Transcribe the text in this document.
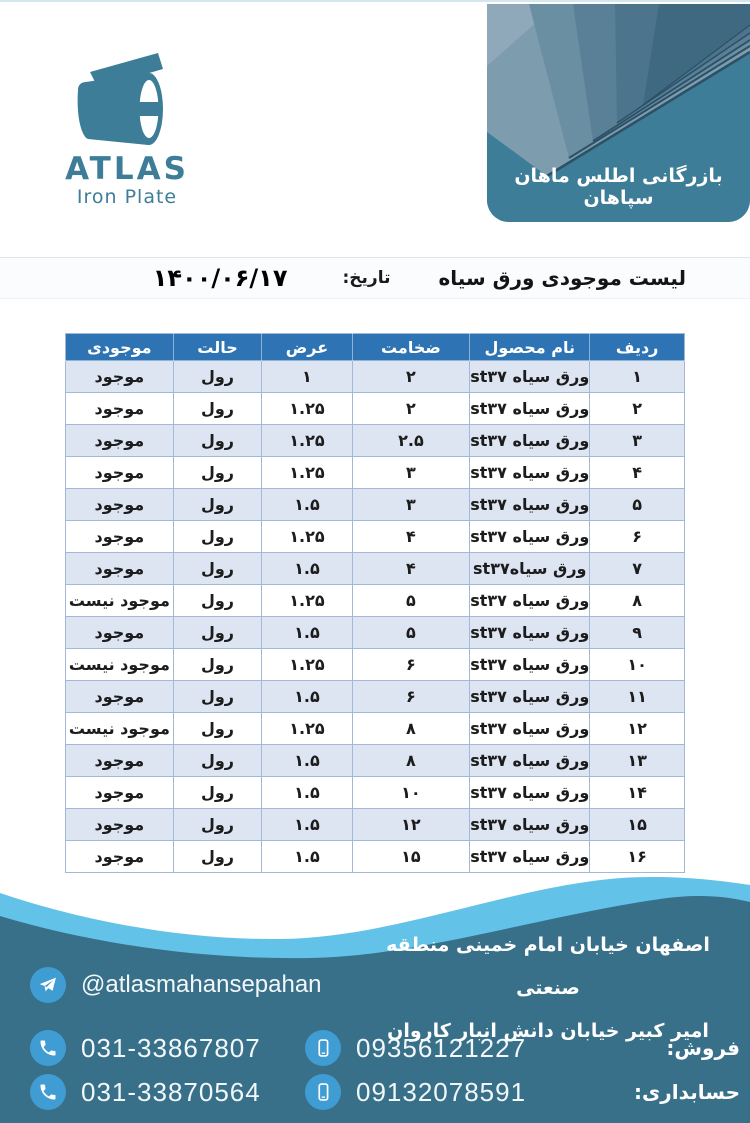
بازرگانی اطلس ماهان سپاهان
ATLAS
Iron Plate
لیست موجودی ورق سیاه
تاریخ:
۱۴۰۰/۰۶/۱۷
ردیف	نام محصول	ضخامت	عرض	حالت	موجودی
۱	ورق سیاه st۳۷	۲	۱	رول	موجود
۲	ورق سیاه st۳۷	۲	۱.۲۵	رول	موجود
۳	ورق سیاه st۳۷	۲.۵	۱.۲۵	رول	موجود
۴	ورق سیاه st۳۷	۳	۱.۲۵	رول	موجود
۵	ورق سیاه st۳۷	۳	۱.۵	رول	موجود
۶	ورق سیاه st۳۷	۴	۱.۲۵	رول	موجود
۷	ورق سیاهst۳۷	۴	۱.۵	رول	موجود
۸	ورق سیاه st۳۷	۵	۱.۲۵	رول	موجود نیست
۹	ورق سیاه st۳۷	۵	۱.۵	رول	موجود
۱۰	ورق سیاه st۳۷	۶	۱.۲۵	رول	موجود نیست
۱۱	ورق سیاه st۳۷	۶	۱.۵	رول	موجود
۱۲	ورق سیاه st۳۷	۸	۱.۲۵	رول	موجود نیست
۱۳	ورق سیاه st۳۷	۸	۱.۵	رول	موجود
۱۴	ورق سیاه st۳۷	۱۰	۱.۵	رول	موجود
۱۵	ورق سیاه st۳۷	۱۲	۱.۵	رول	موجود
۱۶	ورق سیاه st۳۷	۱۵	۱.۵	رول	موجود
اصفهان خیابان امام خمینی منطقه صنعتی
امیر کبیر خیابان دانش انبار کاروان
@atlasmahansepahan
فروش:
09356121227
031-33867807
حسابداری:
09132078591
031-33870564
